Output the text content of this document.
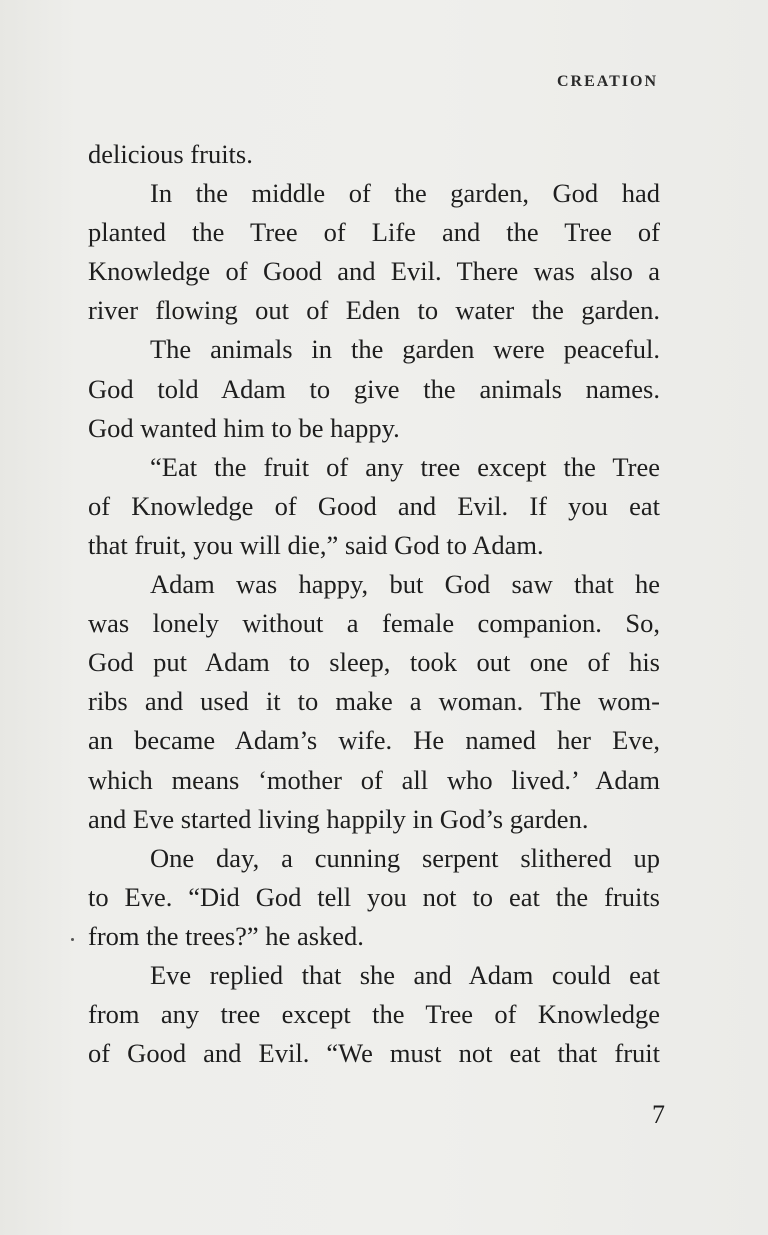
CREATION
delicious fruits.
In the middle of the garden, God had
planted the Tree of Life and the Tree of
Knowledge of Good and Evil. There was also a
river flowing out of Eden to water the garden.
The animals in the garden were peaceful.
God told Adam to give the animals names.
God wanted him to be happy.
“Eat the fruit of any tree except the Tree
of Knowledge of Good and Evil. If you eat
that fruit, you will die,” said God to Adam.
Adam was happy, but God saw that he
was lonely without a female companion. So,
God put Adam to sleep, took out one of his
ribs and used it to make a woman. The wom-
an became Adam’s wife. He named her Eve,
which means ‘mother of all who lived.’ Adam
and Eve started living happily in God’s garden.
One day, a cunning serpent slithered up
to Eve. “Did God tell you not to eat the fruits
from the trees?” he asked.
Eve replied that she and Adam could eat
from any tree except the Tree of Knowledge
of Good and Evil. “We must not eat that fruit
7
